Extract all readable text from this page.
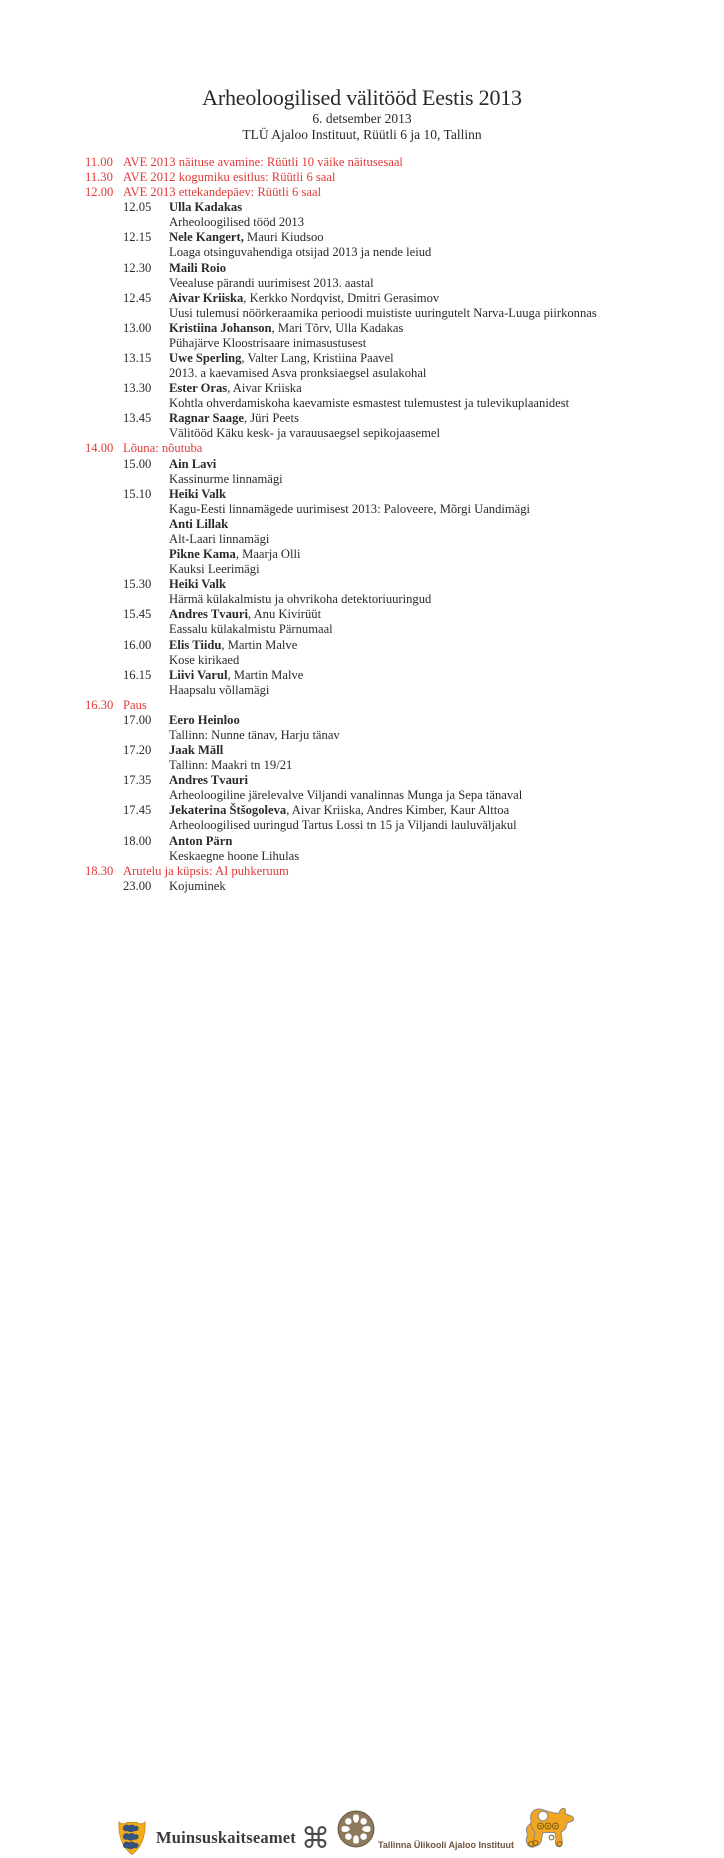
Arheoloogilised välitööd Eestis 2013
6. detsember 2013
TLÜ Ajaloo Instituut, Rüütli 6 ja 10, Tallinn
11.00 AVE 2013 näituse avamine: Rüütli 10 väike näitusesaal
11.30 AVE 2012 kogumiku esitlus: Rüütli 6 saal
12.00 AVE 2013 ettekandepäev: Rüütli 6 saal
12.05	Ulla Kadakas
Arheoloogilised tööd 2013
12.15	Nele Kangert, Mauri Kiudsoo
Loaga otsinguvahendiga otsijad 2013 ja nende leiud
12.30	Maili Roio
Veealuse pärandi uurimisest 2013. aastal
12.45	Aivar Kriiska, Kerkko Nordqvist, Dmitri Gerasimov
Uusi tulemusi nöörkeraamika perioodi muististe uuringutelt Narva-Luuga piirkonnas
13.00	Kristiina Johanson, Mari Tõrv, Ulla Kadakas
Pühajärve Kloostrisaare inimasustusest
13.15	Uwe Sperling, Valter Lang, Kristiina Paavel
2013. a kaevamised Asva pronksiaegsel asulakohal
13.30	Ester Oras, Aivar Kriiska
Kohtla ohverdamiskoha kaevamiste esmastest tulemustest ja tulevikuplaanidest
13.45	Ragnar Saage, Jüri Peets
Välitööd Käku kesk- ja varauusaegsel sepikojaasemel
14.00 Lõuna: nõutuba
15.00	Ain Lavi
Kassinurme linnamägi
15.10	Heiki Valk
Kagu-Eesti linnamägede uurimisest 2013: Paloveere, Mõrgi Uandimägi
Anti Lillak
Alt-Laari linnamägi
Pikne Kama, Maarja Olli
Kauksi Leerimägi
15.30	Heiki Valk
Härmä külakalmistu ja ohvrikoha detektoriuuringud
15.45	Andres Tvauri, Anu Kivirüüt
Eassalu külakalmistu Pärnumaal
16.00	Elis Tiidu, Martin Malve
Kose kirikaed
16.15	Liivi Varul, Martin Malve
Haapsalu võllamägi
16.30 Paus
17.00	Eero Heinloo
Tallinn: Nunne tänav, Harju tänav
17.20	Jaak Mäll
Tallinn: Maakri tn 19/21
17.35	Andres Tvauri
Arheoloogiline järelevalve Viljandi vanalinnas Munga ja Sepa tänaval
17.45	Jekaterina Štšogoleva, Aivar Kriiska, Andres Kimber, Kaur Alttoa
Arheoloogilised uuringud Tartus Lossi tn 15 ja Viljandi lauluväljakul
18.00	Anton Pärn
Keskaegne hoone Lihulas
18.30 Arutelu ja küpsis: AI puhkeruum
23.00	Kojuminek
Muinsuskaitseamet ⌘	Tallinna Ülikooli Ajaloo Instituut
